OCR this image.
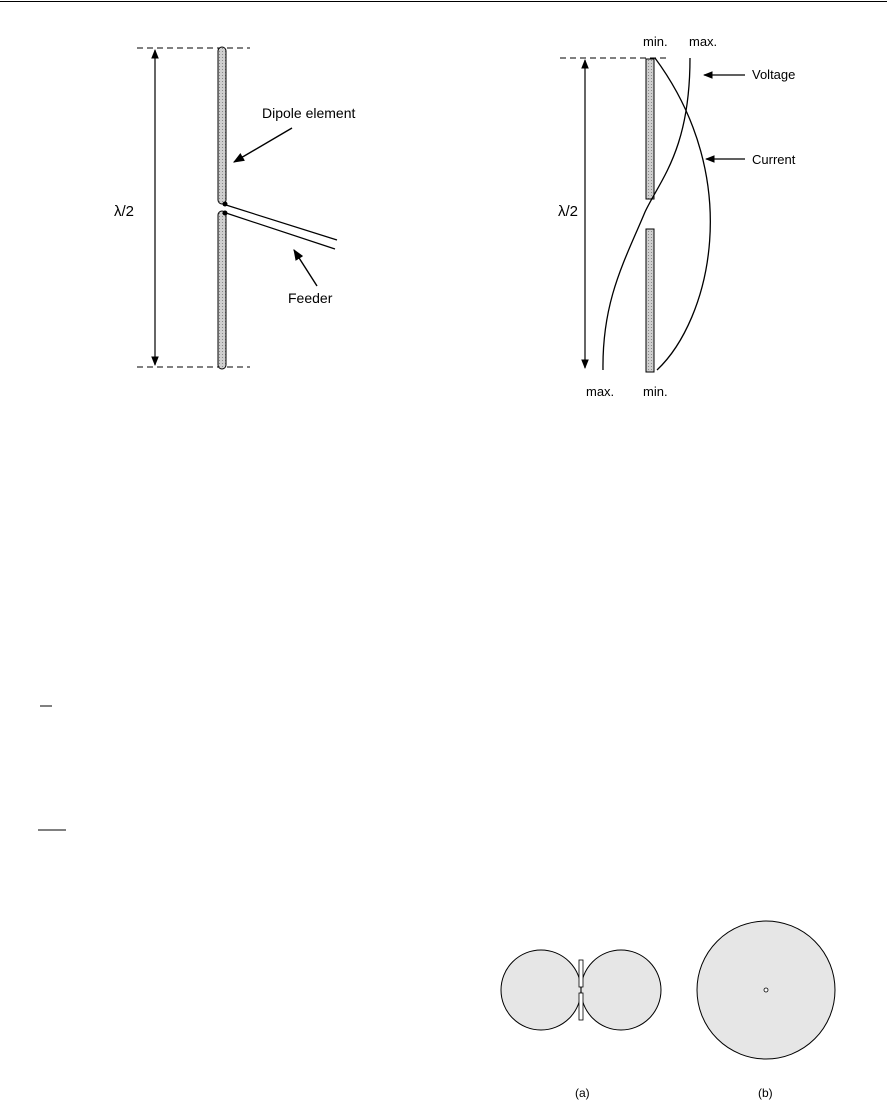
λ/2
Dipole element
Feeder
min. max.
λ/2
Voltage
Current
max. min.
(a)	(b)
